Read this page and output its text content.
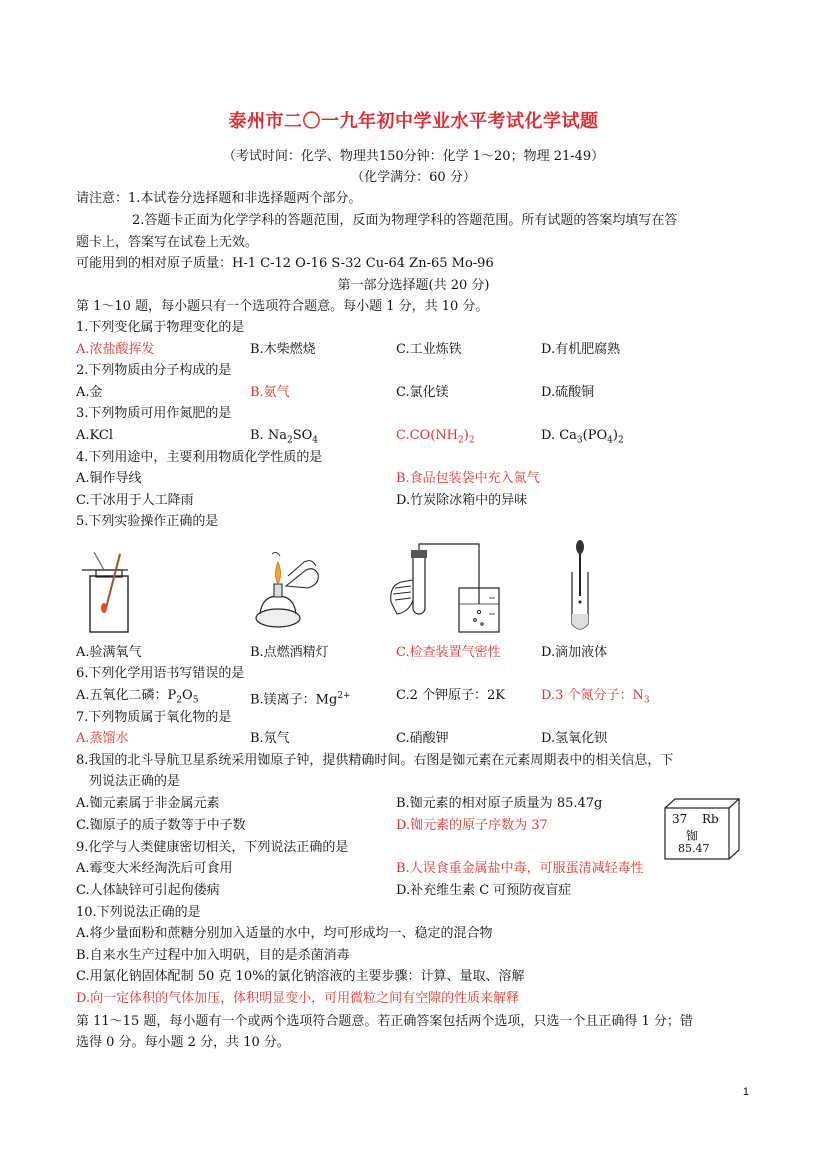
泰州市二〇一九年初中学业水平考试化学试题
（考试时间：化学、物理共150分钟：化学 1～20；物理 21-49）
（化学满分：60 分）
请注意：1.本试卷分选择题和非选择题两个部分。
2.答题卡正面为化学学科的答题范围，反面为物理学科的答题范围。所有试题的答案均填写在答
题卡上，答案写在试卷上无效。
可能用到的相对原子质量：H-1 C-12 O-16 S-32 Cu-64 Zn-65 Mo-96
第一部分选择题(共 20 分)
第 1～10 题，每小题只有一个选项符合题意。每小题 1 分，共 10 分。
1.下列变化属于物理变化的是
A.浓盐酸挥发	B.木柴燃烧	C.工业炼铁	D.有机肥腐熟
2.下列物质由分子构成的是
A.金	B.氨气	C.氯化镁	D.硫酸铜
3.下列物质可用作氮肥的是
A.KCl	B. $Na_2SO_4$	$C.CO(NH_2)_2$	D. $Ca_3(PO_4)_2$
4.下列用途中，主要利用物质化学性质的是
A.铜作导线	B.食品包装袋中充入氮气
C.干冰用于人工降雨	D.竹炭除冰箱中的异味
5.下列实验操作正确的是
A.验满氧气	B.点燃酒精灯	C.检查装置气密性	D.滴加液体
6.下列化学用语书写错误的是
A.五氧化二磷：$P_2O_5$	B.镁离子：$Mg^{2+}$	C.2 个钾原子：2K	D.3 个氮分子：$N_3$
7.下列物质属于氧化物的是
A.蒸馏水	B.氖气	C.硝酸钾	D.氢氧化钡
8.我国的北斗导航卫星系统采用铷原子钟，提供精确时间。右图是铷元素在元素周期表中的相关信息，下
列说法正确的是
A.铷元素属于非金属元素	B.铷元素的相对原子质量为 85.47g
C.铷原子的质子数等于中子数	D.铷元素的原子序数为 37	37 Rb
铷
85.47
9.化学与人类健康密切相关，下列说法正确的是
A.霉变大米经淘洗后可食用	B.人误食重金属盐中毒，可服蛋清减轻毒性
C.人体缺锌可引起佝偻病	D.补充维生素 C 可预防夜盲症
10.下列说法正确的是
A.将少量面粉和蔗糖分别加入适量的水中，均可形成均一、稳定的混合物
B.自来水生产过程中加入明矾，目的是杀菌消毒
C.用氯化钠固体配制 50 克 10%的氯化钠溶液的主要步骤：计算、量取、溶解
D.向一定体积的气体加压，体积明显变小，可用微粒之间有空隙的性质来解释
第 11～15 题，每小题有一个或两个选项符合题意。若正确答案包括两个选项，只选一个且正确得 1 分；错
选得 0 分。每小题 2 分，共 10 分。
1
